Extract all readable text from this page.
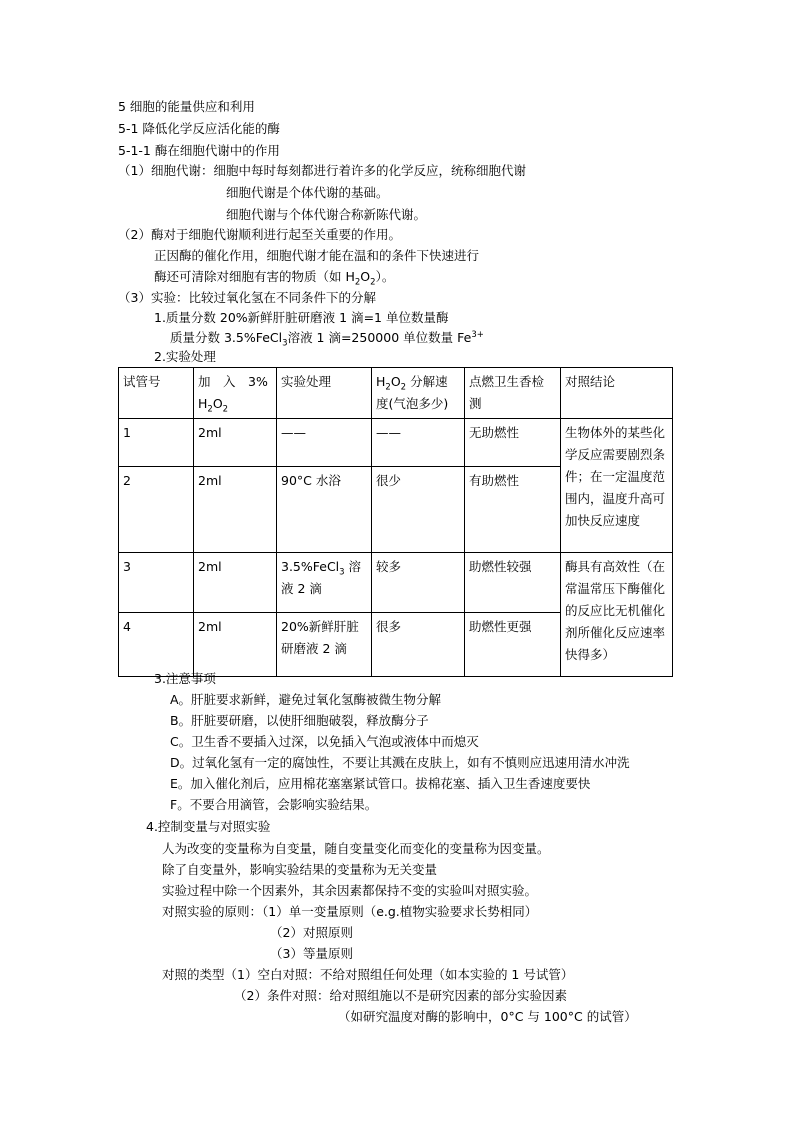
5 细胞的能量供应和利用
5-1 降低化学反应活化能的酶
5-1-1 酶在细胞代谢中的作用
（1）细胞代谢：细胞中每时每刻都进行着许多的化学反应，统称细胞代谢
细胞代谢是个体代谢的基础。
细胞代谢与个体代谢合称新陈代谢。
（2）酶对于细胞代谢顺利进行起至关重要的作用。
正因酶的催化作用，细胞代谢才能在温和的条件下快速进行
酶还可清除对细胞有害的物质（如 $H_2O_2$）。
（3）实验：比较过氧化氢在不同条件下的分解
1.质量分数 20%新鲜肝脏研磨液 1 滴=1 单位数量酶
质量分数 3.5%FeCl$_3$溶液 1 滴=250000 单位数量 $Fe^{3+}$
2.实验处理
试管号	加　入　3% $H_2O_2$	实验处理	$H_2O_2$ 分解速度(气泡多少)	点燃卫生香检测	对照结论
1	2ml	——	——	无助燃性	生物体外的某些化学反应需要剧烈条件；在一定温度范围内，温度升高可加快反应速度
2	2ml	90°C 水浴	很少	有助燃性	
3	2ml	3.5%FeCl$_3$ 溶液 2 滴	较多	助燃性较强	酶具有高效性（在常温常压下酶催化的反应比无机催化剂所催化反应速率快得多）
4	2ml	20%新鲜肝脏研磨液 2 滴	很多	助燃性更强	
3.注意事项
A。肝脏要求新鲜，避免过氧化氢酶被微生物分解
B。肝脏要研磨，以使肝细胞破裂，释放酶分子
C。卫生香不要插入过深，以免插入气泡或液体中而熄灭
D。过氧化氢有一定的腐蚀性，不要让其溅在皮肤上，如有不慎则应迅速用清水冲洗
E。加入催化剂后，应用棉花塞塞紧试管口。拔棉花塞、插入卫生香速度要快
F。不要合用滴管，会影响实验结果。
4.控制变量与对照实验
人为改变的变量称为自变量，随自变量变化而变化的变量称为因变量。
除了自变量外，影响实验结果的变量称为无关变量
实验过程中除一个因素外，其余因素都保持不变的实验叫对照实验。
对照实验的原则：（1）单一变量原则（e.g.植物实验要求长势相同）
（2）对照原则
（3）等量原则
对照的类型（1）空白对照：不给对照组任何处理（如本实验的 1 号试管）
（2）条件对照：给对照组施以不是研究因素的部分实验因素
（如研究温度对酶的影响中，0°C 与 100°C 的试管）
